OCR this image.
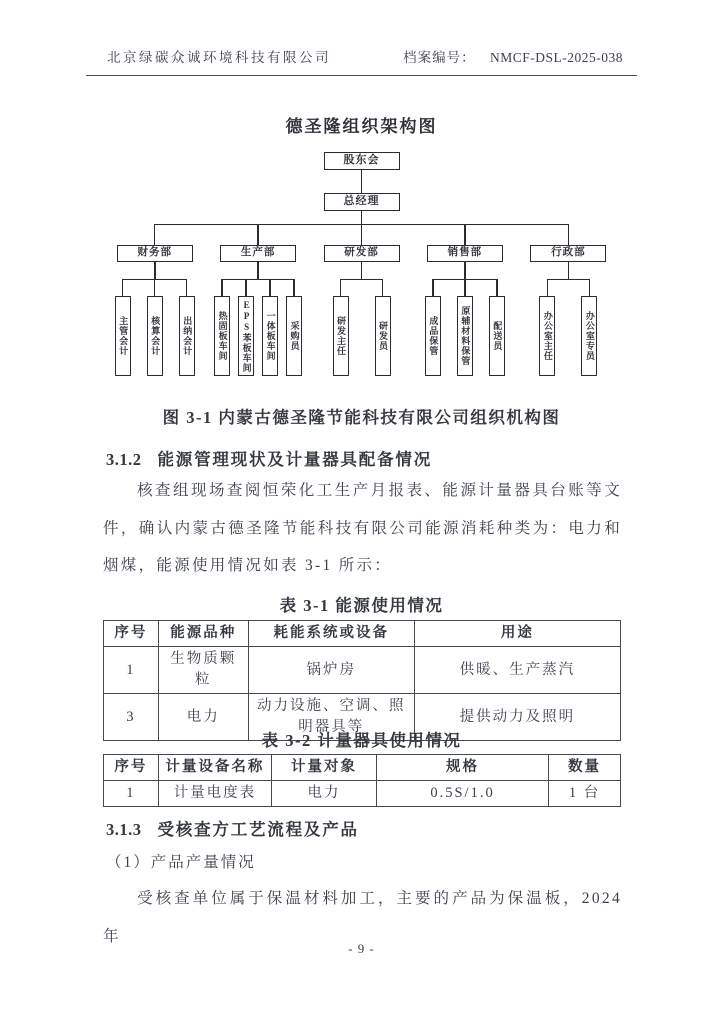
北京绿碳众诚环境科技有限公司	档案编号： NMCF-DSL-2025-038
德圣隆组织架构图
股东会
总经理
财务部
主管会计	核算会计	出纳会计
生产部
热固板车间	EPS苯板车间	一体板车间	采购员
研发部
研发主任	研发员
销售部
成品保管	原辅材料保管	配送员
行政部
办公室主任	办公室专员
图 3-1 内蒙古德圣隆节能科技有限公司组织机构图
3.1.2 能源管理现状及计量器具配备情况

核查组现场查阅恒荣化工生产月报表、能源计量器具台账等文件，确认内蒙古德圣隆节能科技有限公司能源消耗种类为：电力和烟煤，能源使用情况如表 3-1 所示：

表 3-1 能源使用情况
序号	能源品种	耗能系统或设备	用途
1	生物质颗粒	锅炉房	供暖、生产蒸汽
3	电力	动力设施、空调、照明器具等	提供动力及照明
表 3-2 计量器具使用情况
序号	计量设备名称	计量对象	规格	数量
1	计量电度表	电力	0.5S/1.0	1 台
3.1.3 受核查方工艺流程及产品
（1）产品产量情况

受核查单位属于保温材料加工，主要的产品为保温板，2024 年

- 9 -
